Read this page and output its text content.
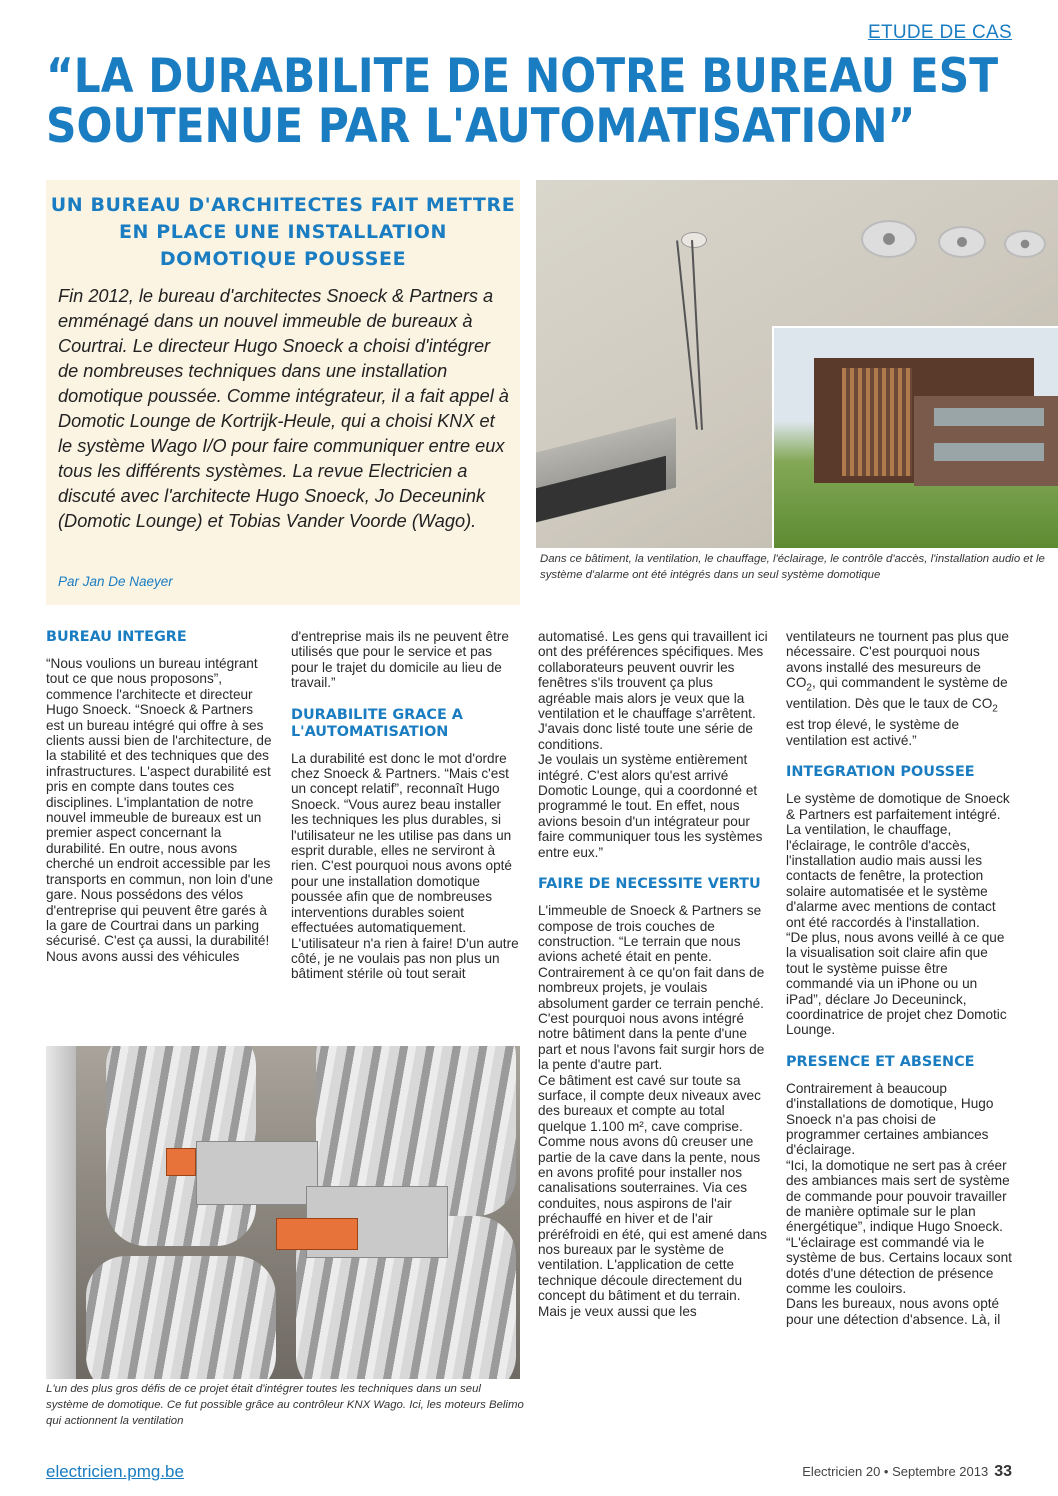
ETUDE DE CAS
“LA DURABILITE DE NOTRE BUREAU EST
SOUTENUE PAR L'AUTOMATISATION”
UN BUREAU D'ARCHITECTES FAIT METTRE
EN PLACE UNE INSTALLATION
DOMOTIQUE POUSSEE

Fin 2012, le bureau d'architectes Snoeck & Partners a emménagé dans un nouvel immeuble de bureaux à Courtrai. Le directeur Hugo Snoeck a choisi d'intégrer de nombreuses techniques dans une installation domotique poussée. Comme intégrateur, il a fait appel à Domotic Lounge de Kortrijk-Heule, qui a choisi KNX et le système Wago I/O pour faire communiquer entre eux tous les différents systèmes. La revue Electricien a discuté avec l'architecte Hugo Snoeck, Jo Deceunink (Domotic Lounge) et Tobias Vander Voorde (Wago).

Par Jan De Naeyer

Dans ce bâtiment, la ventilation, le chauffage, l'éclairage, le contrôle d'accès, l'installation audio et le système d'alarme ont été intégrés dans un seul système domotique

BUREAU INTEGRE

“Nous voulions un bureau intégrant tout ce que nous proposons”, commence l'architecte et directeur Hugo Snoeck. “Snoeck & Partners est un bureau intégré qui offre à ses clients aussi bien de l'architecture, de la stabilité et des techniques que des infrastructures. L'aspect durabilité est pris en compte dans toutes ces disciplines. L'implantation de notre nouvel immeuble de bureaux est un premier aspect concernant la durabilité. En outre, nous avons cherché un endroit accessible par les transports en commun, non loin d'une gare. Nous possédons des vélos d'entreprise qui peuvent être garés à la gare de Courtrai dans un parking sécurisé. C'est ça aussi, la durabilité! Nous avons aussi des véhicules

d'entreprise mais ils ne peuvent être utilisés que pour le service et pas pour le trajet du domicile au lieu de travail.”

DURABILITE GRACE A L'AUTOMATISATION

La durabilité est donc le mot d'ordre chez Snoeck & Partners. “Mais c'est un concept relatif”, reconnaît Hugo Snoeck. “Vous aurez beau installer les techniques les plus durables, si l'utilisateur ne les utilise pas dans un esprit durable, elles ne serviront à rien. C'est pourquoi nous avons opté pour une installation domotique poussée afin que de nombreuses interventions durables soient effectuées automatiquement. L'utilisateur n'a rien à faire! D'un autre côté, je ne voulais pas non plus un bâtiment stérile où tout serait

automatisé. Les gens qui travaillent ici ont des préférences spécifiques. Mes collaborateurs peuvent ouvrir les fenêtres s'ils trouvent ça plus agréable mais alors je veux que la ventilation et le chauffage s'arrêtent. J'avais donc listé toute une série de conditions.

Je voulais un système entièrement intégré. C'est alors qu'est arrivé Domotic Lounge, qui a coordonné et programmé le tout. En effet, nous avions besoin d'un intégrateur pour faire communiquer tous les systèmes entre eux.”

FAIRE DE NECESSITE VERTU

L'immeuble de Snoeck & Partners se compose de trois couches de construction. “Le terrain que nous avions acheté était en pente. Contrairement à ce qu'on fait dans de nombreux projets, je voulais absolument garder ce terrain penché. C'est pourquoi nous avons intégré notre bâtiment dans la pente d'une part et nous l'avons fait surgir hors de la pente d'autre part.

Ce bâtiment est cavé sur toute sa surface, il compte deux niveaux avec des bureaux et compte au total quelque 1.100 m², cave comprise.

Comme nous avons dû creuser une partie de la cave dans la pente, nous en avons profité pour installer nos canalisations souterraines. Via ces conduites, nous aspirons de l'air préchauffé en hiver et de l'air préréfroidi en été, qui est amené dans nos bureaux par le système de ventilation. L'application de cette technique découle directement du concept du bâtiment et du terrain. Mais je veux aussi que les

ventilateurs ne tournent pas plus que nécessaire. C'est pourquoi nous avons installé des mesureurs de $CO_2$, qui commandent le système de ventilation. Dès que le taux de $CO_2$ est trop élevé, le système de ventilation est activé.”

INTEGRATION POUSSEE

Le système de domotique de Snoeck & Partners est parfaitement intégré. La ventilation, le chauffage, l'éclairage, le contrôle d'accès, l'installation audio mais aussi les contacts de fenêtre, la protection solaire automatisée et le système d'alarme avec mentions de contact ont été raccordés à l'installation.

“De plus, nous avons veillé à ce que la visualisation soit claire afin que tout le système puisse être commandé via un iPhone ou un iPad”, déclare Jo Deceuninck, coordinatrice de projet chez Domotic Lounge.

PRESENCE ET ABSENCE

Contrairement à beaucoup d'installations de domotique, Hugo Snoeck n'a pas choisi de programmer certaines ambiances d'éclairage.

“Ici, la domotique ne sert pas à créer des ambiances mais sert de système de commande pour pouvoir travailler de manière optimale sur le plan énergétique”, indique Hugo Snoeck.

“L'éclairage est commandé via le système de bus. Certains locaux sont dotés d'une détection de présence comme les couloirs.

Dans les bureaux, nous avons opté pour une détection d'absence. Là, il

L'un des plus gros défis de ce projet était d'intégrer toutes les techniques dans un seul système de domotique. Ce fut possible grâce au contrôleur KNX Wago. Ici, les moteurs Belimo qui actionnent la ventilation

electricien.pmg.be	Electricien 20 • Septembre 2013 33
